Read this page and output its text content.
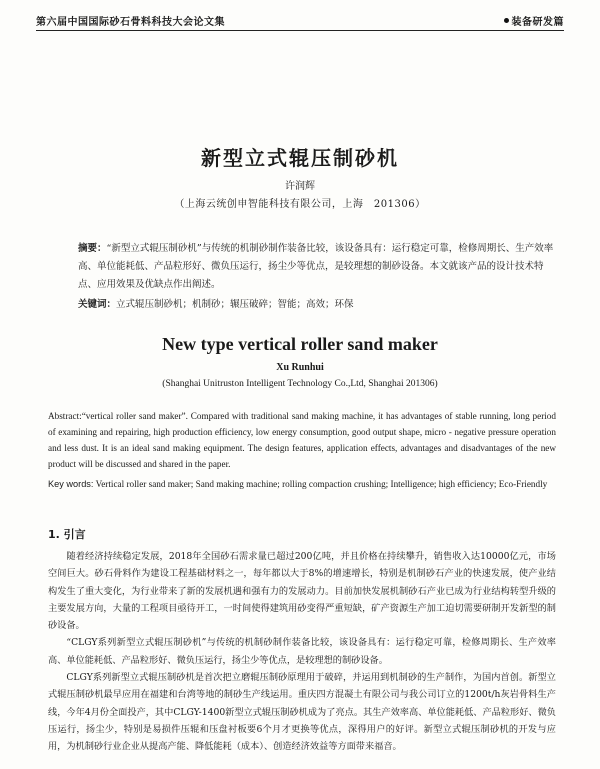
第六届中国国际砂石骨料科技大会论文集	装备研发篇
新型立式辊压制砂机
许润辉
（上海云统创申智能科技有限公司，上海　201306）
摘要：“新型立式辊压制砂机”与传统的机制砂制作装备比较，该设备具有：运行稳定可靠，检修周期长、生产效率高、单位能耗低、产品粒形好、微负压运行，扬尘少等优点，是较理想的制砂设备。本文就该产品的设计技术特点、应用效果及优缺点作出阐述。
关键词：立式辊压制砂机；机制砂；辗压破碎；智能；高效；环保
New type vertical roller sand maker
Xu Runhui
(Shanghai Unitruston Intelligent Technology Co.,Ltd, Shanghai 201306)
Abstract:“vertical roller sand maker”. Compared with traditional sand making machine, it has advantages of stable running, long period of examining and repairing, high production efficiency, low energy consumption, good output shape, micro - negative pressure operation and less dust. It is an ideal sand making equipment. The design features, application effects, advantages and disadvantages of the new product will be discussed and shared in the paper.
Key words: Vertical roller sand maker; Sand making machine; rolling compaction crushing; Intelligence; high efficiency; Eco-Friendly
1. 引言

随着经济持续稳定发展，2018年全国砂石需求量已超过200亿吨，并且价格在持续攀升，销售收入达10000亿元，市场空间巨大。砂石骨料作为建设工程基础材料之一，每年都以大于8%的增速增长，特别是机制砂石产业的快速发展，使产业结构发生了重大变化，为行业带来了新的发展机遇和强有力的发展动力。目前加快发展机制砂石产业已成为行业结构转型升级的主要发展方向，大量的工程项目亟待开工，一时间使得建筑用砂变得严重短缺，矿产资源生产加工迫切需要研制开发新型的制砂设备。

“CLGY系列新型立式辊压制砂机”与传统的机制砂制作装备比较，该设备具有：运行稳定可靠，检修周期长、生产效率高、单位能耗低、产品粒形好、微负压运行，扬尘少等优点，是较理想的制砂设备。

CLGY系列新型立式辊压制砂机是首次把立磨辊压制砂原理用于破碎，并运用到机制砂的生产制作，为国内首创。新型立式辊压制砂机最早应用在福建和台湾等地的制砂生产线运用。重庆四方混凝土有限公司与我公司订立的1200t/h灰岩骨料生产线，今年4月份全面投产，其中CLGY-1400新型立式辊压制砂机成为了亮点。其生产效率高、单位能耗低、产品粒形好、微负压运行，扬尘少，特别是易损件压辊和压盘衬板要6个月才更换等优点，深得用户的好评。新型立式辊压制砂机的开发与应用，为机制砂行业企业从提高产能、降低能耗（成本）、创造经济效益等方面带来福音。
